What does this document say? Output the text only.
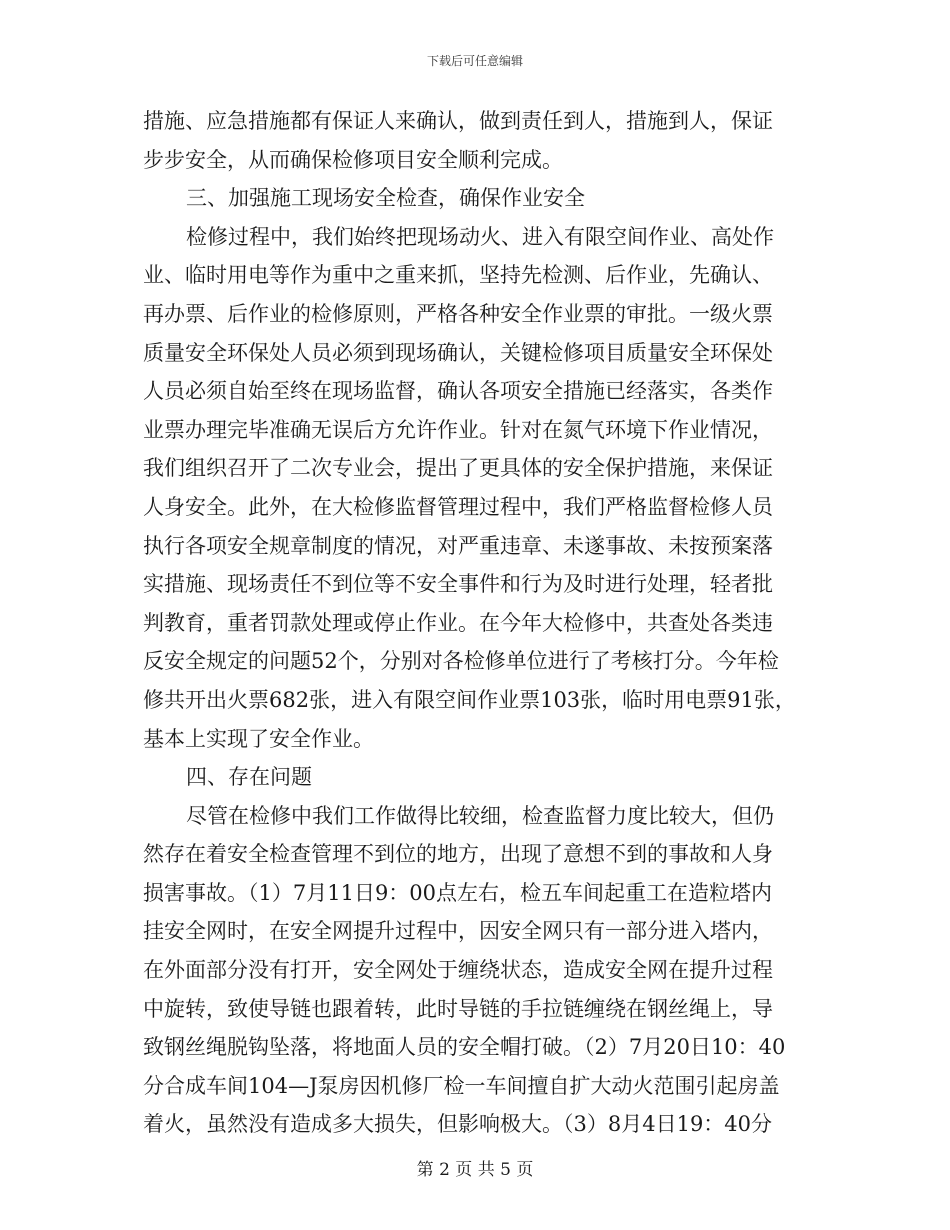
下载后可任意编辑
措施、应急措施都有保证人来确认，做到责任到人，措施到人，保证
步步安全，从而确保检修项目安全顺利完成。
三、加强施工现场安全检查，确保作业安全
检修过程中，我们始终把现场动火、进入有限空间作业、高处作
业、临时用电等作为重中之重来抓，坚持先检测、后作业，先确认、
再办票、后作业的检修原则，严格各种安全作业票的审批。一级火票
质量安全环保处人员必须到现场确认，关键检修项目质量安全环保处
人员必须自始至终在现场监督，确认各项安全措施已经落实，各类作
业票办理完毕准确无误后方允许作业。针对在氮气环境下作业情况，
我们组织召开了二次专业会，提出了更具体的安全保护措施，来保证
人身安全。此外，在大检修监督管理过程中，我们严格监督检修人员
执行各项安全规章制度的情况，对严重违章、未遂事故、未按预案落
实措施、现场责任不到位等不安全事件和行为及时进行处理，轻者批
判教育，重者罚款处理或停止作业。在今年大检修中，共查处各类违
反安全规定的问题52个，分别对各检修单位进行了考核打分。今年检
修共开出火票682张，进入有限空间作业票103张，临时用电票91张，
基本上实现了安全作业。
四、存在问题
尽管在检修中我们工作做得比较细，检查监督力度比较大，但仍
然存在着安全检查管理不到位的地方，出现了意想不到的事故和人身
损害事故。（1）7月11日9：00点左右，检五车间起重工在造粒塔内
挂安全网时，在安全网提升过程中，因安全网只有一部分进入塔内，
在外面部分没有打开，安全网处于缠绕状态，造成安全网在提升过程
中旋转，致使导链也跟着转，此时导链的手拉链缠绕在钢丝绳上，导
致钢丝绳脱钩坠落，将地面人员的安全帽打破。（2）7月20日10：40
分合成车间104—J泵房因机修厂检一车间擅自扩大动火范围引起房盖
着火，虽然没有造成多大损失，但影响极大。（3）8月4日19：40分
第 2 页 共 5 页
